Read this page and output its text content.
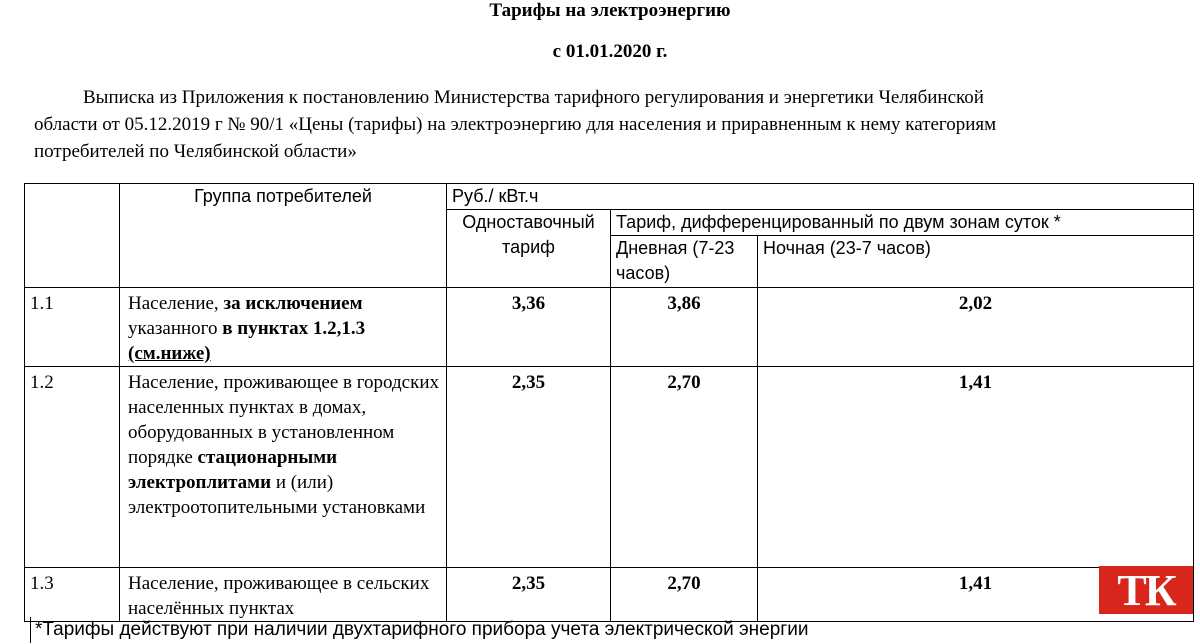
Тарифы на электроэнергию
с 01.01.2020 г.
Выписка из Приложения к постановлению Министерства тарифного регулирования и энергетики Челябинской
области от 05.12.2019 г № 90/1 «Цены (тарифы) на электроэнергию для населения и приравненным к нему категориям
потребителей по Челябинской области»
	Группа потребителей	Руб./ кВт.ч		
		Одноставочный тариф	Тариф, дифференцированный по двум зонам суток *	
			Дневная (7-23 часов)	Ночная (23-7 часов)
1.1	Население, за исключением указанного в пунктах 1.2,1.3 (см.ниже)	3,36	3,86	2,02
1.2	Население, проживающее в городских населенных пунктах в домах, оборудованных в установленном порядке стационарными электроплитами и (или) электроотопительными установками	2,35	2,70	1,41
1.3	Население, проживающее в сельских населённых пунктах	2,35	2,70	1,41
*Тарифы действуют при наличии двухтарифного прибора учета электрической энергии
ТК
